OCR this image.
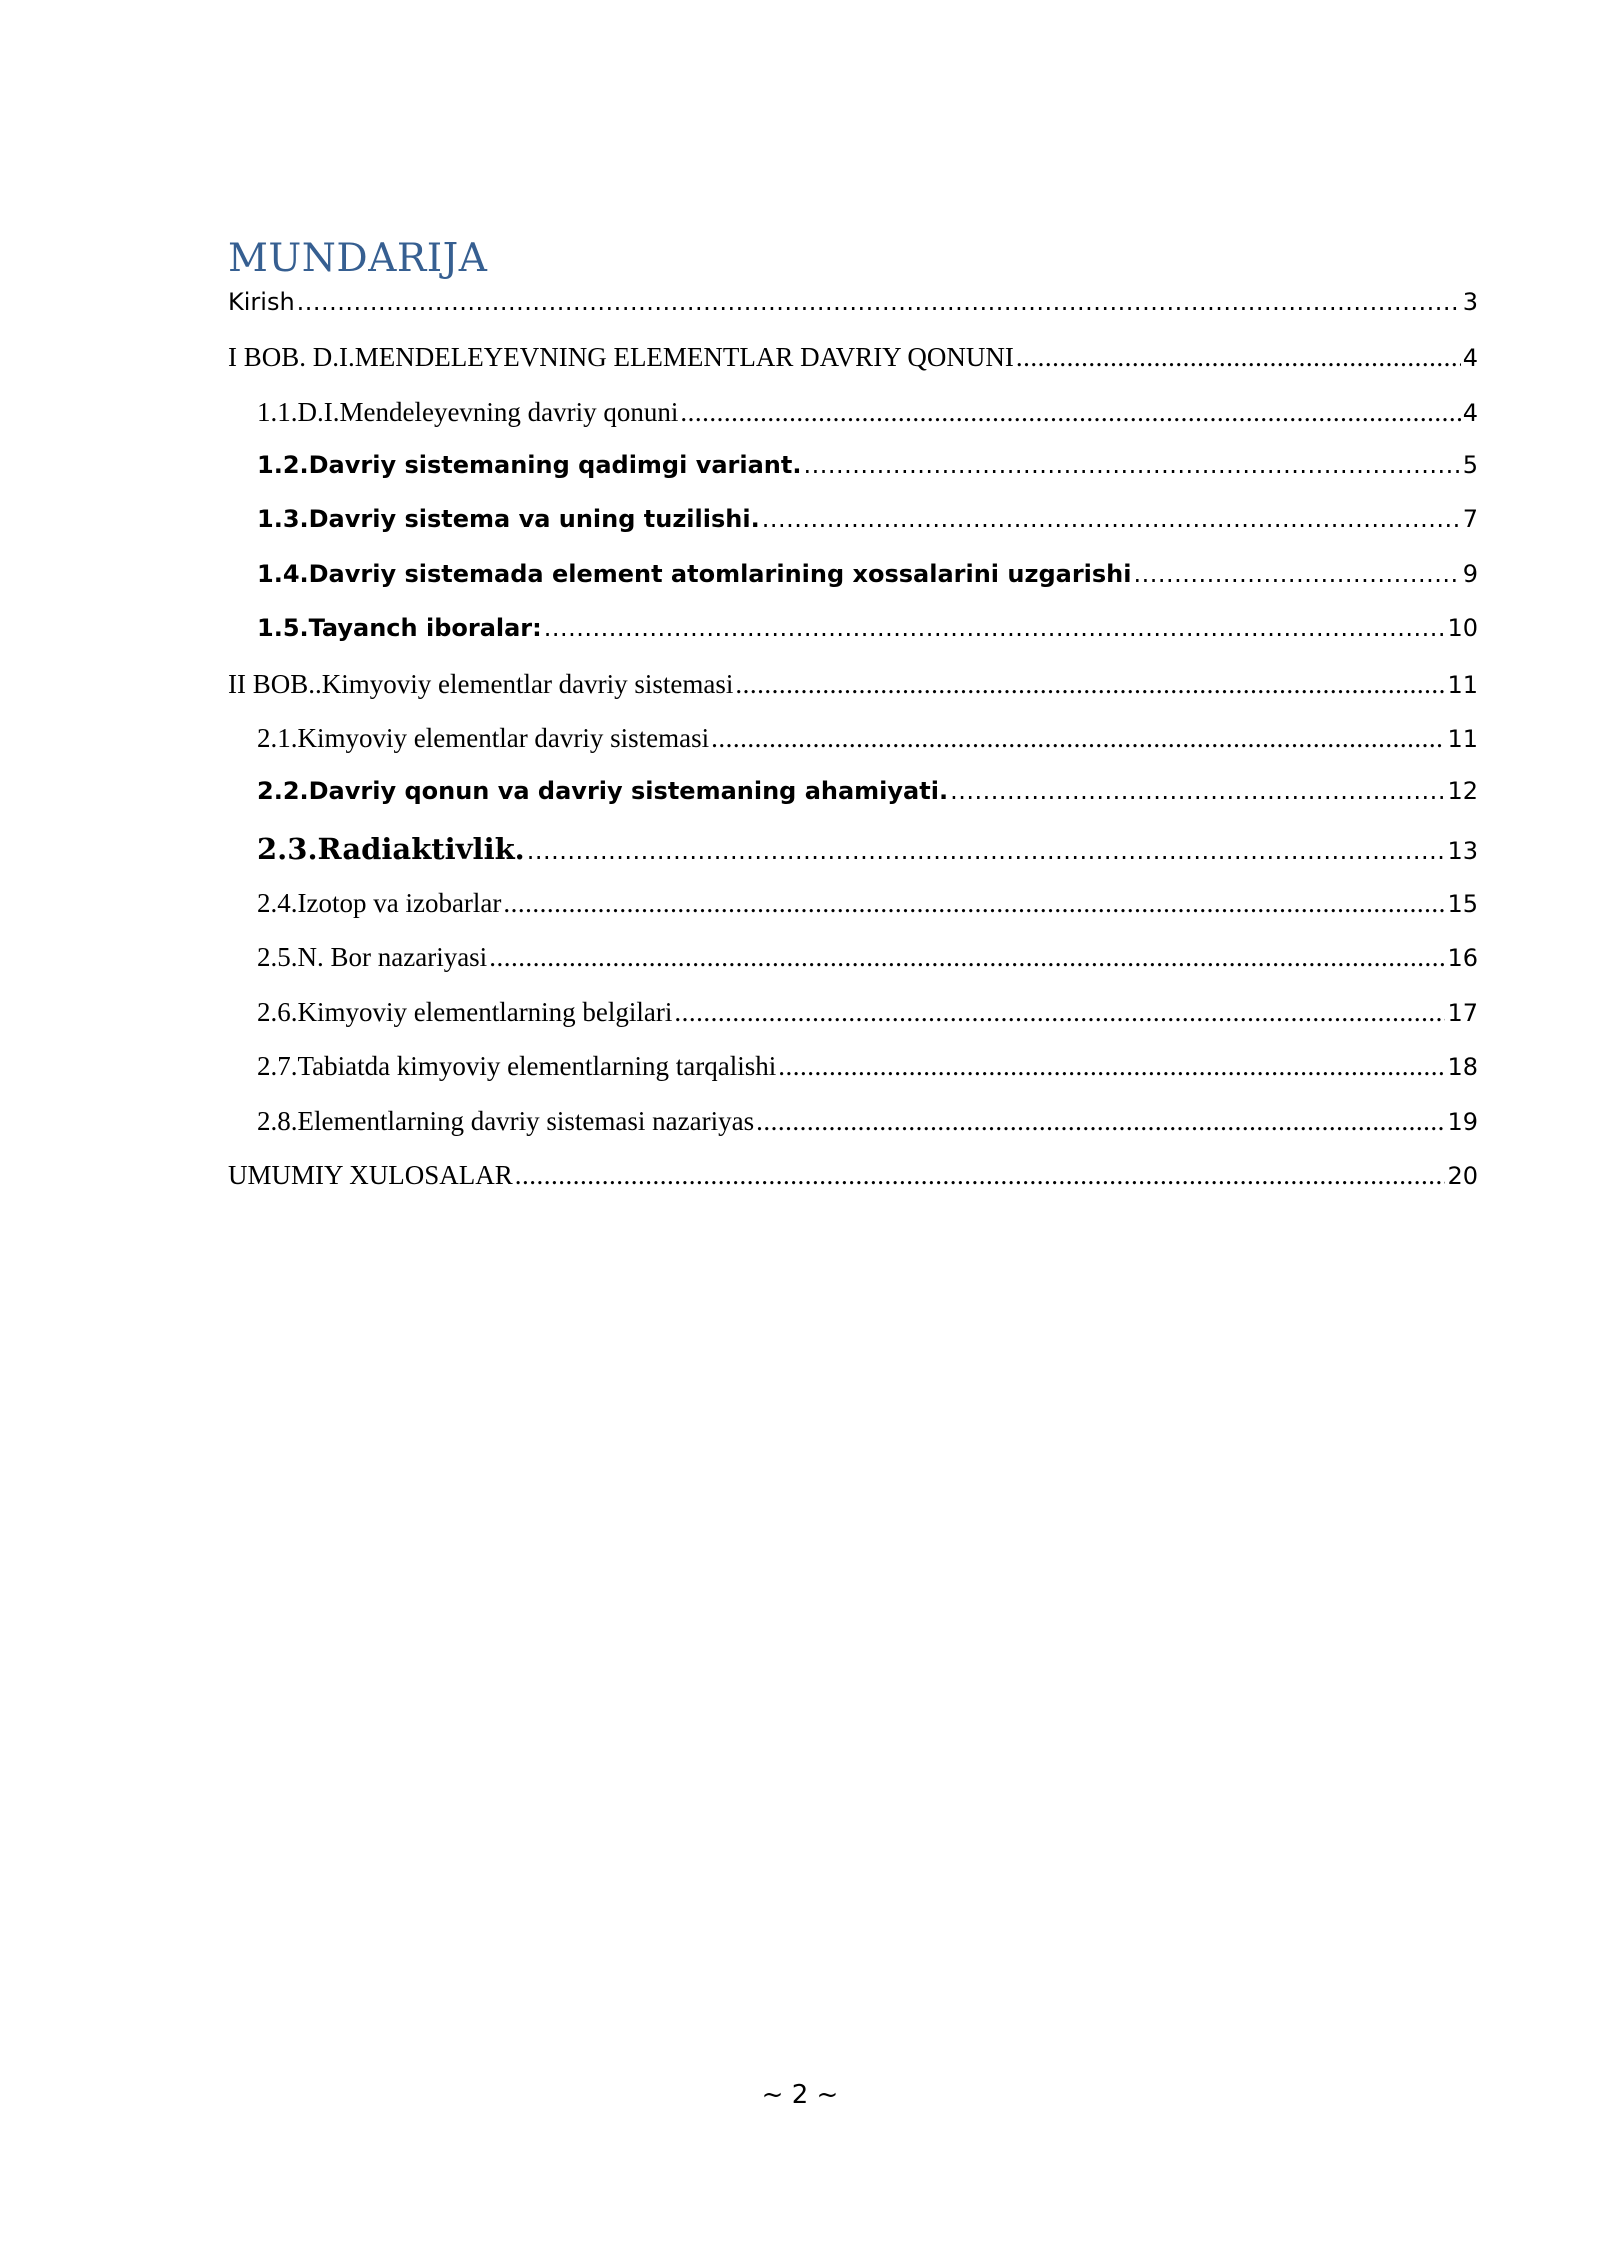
MUNDARIJA
Kirish .....	3
I BOB. D.I.MENDELEYEVNING ELEMENTLAR DAVRIY QONUNI .....	4
1.1.D.I.Mendeleyevning davriy qonuni .....	4
1.2.Davriy sistemaning qadimgi variant. .....	5
1.3.Davriy sistema va uning tuzilishi. .....	7
1.4.Davriy sistemada element atomlarining xossalarini uzgarishi .....	9
1.5.Tayanch iboralar: .....	10
II BOB..Kimyoviy elementlar davriy sistemasi .....	11
2.1.Kimyoviy elementlar davriy sistemasi .....	11
2.2.Davriy qonun va davriy sistemaning ahamiyati. .....	12
2.3.Radiaktivlik. .....	13
2.4.Izotop va izobarlar .....	15
2.5.N. Bor nazariyasi .....	16
2.6.Kimyoviy elementlarning belgilari .....	17
2.7.Tabiatda kimyoviy elementlarning tarqalishi .....	18
2.8.Elementlarning davriy sistemasi nazariyas .....	19
UMUMIY XULOSALAR .....	20
~ 2 ~
